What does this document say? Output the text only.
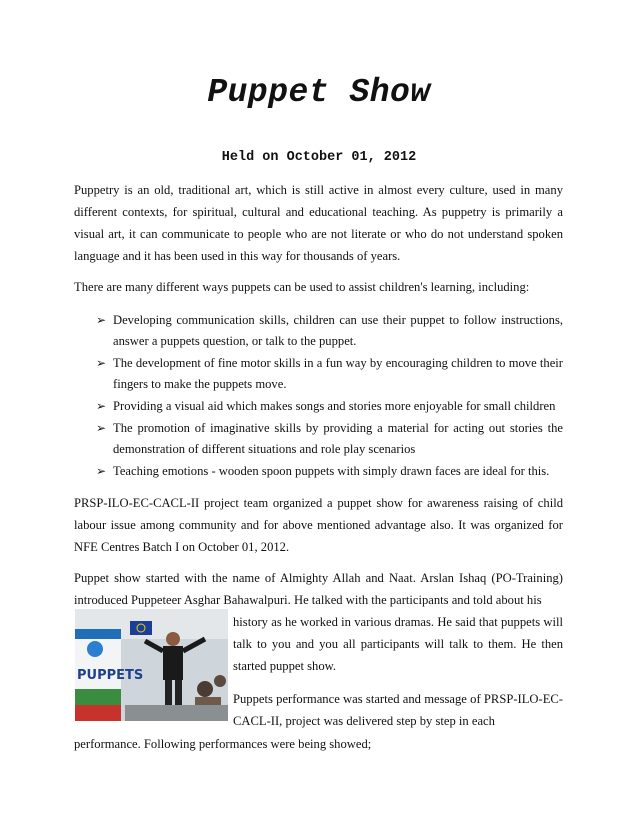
Puppet Show
Held on October 01, 2012

Puppetry is an old, traditional art, which is still active in almost every culture, used in many different contexts, for spiritual, cultural and educational teaching. As puppetry is primarily a visual art, it can communicate to people who are not literate or who do not understand spoken language and it has been used in this way for thousands of years.

There are many different ways puppets can be used to assist children's learning, including:

➢ Developing communication skills, children can use their puppet to follow instructions, answer a puppets question, or talk to the puppet.
➢ The development of fine motor skills in a fun way by encouraging children to move their fingers to make the puppets move.
➢ Providing a visual aid which makes songs and stories more enjoyable for small children
➢ The promotion of imaginative skills by providing a material for acting out stories the demonstration of different situations and role play scenarios
➢ Teaching emotions - wooden spoon puppets with simply drawn faces are ideal for this.

PRSP-ILO-EC-CACL-II project team organized a puppet show for awareness raising of child labour issue among community and for above mentioned advantage also. It was organized for NFE Centres Batch I on October 01, 2012.

Puppet show started with the name of Almighty Allah and Naat. Arslan Ishaq (PO-Training) introduced Puppeteer Asghar Bahawalpuri. He talked with the participants and told about his

PUPPETS

history as he worked in various dramas. He said that puppets will talk to you and you all participants will talk to them. He then started puppet show.

Puppets performance was started and message of PRSP-ILO-EC-CACL-II, project was delivered step by step in each

performance. Following performances were being showed;
